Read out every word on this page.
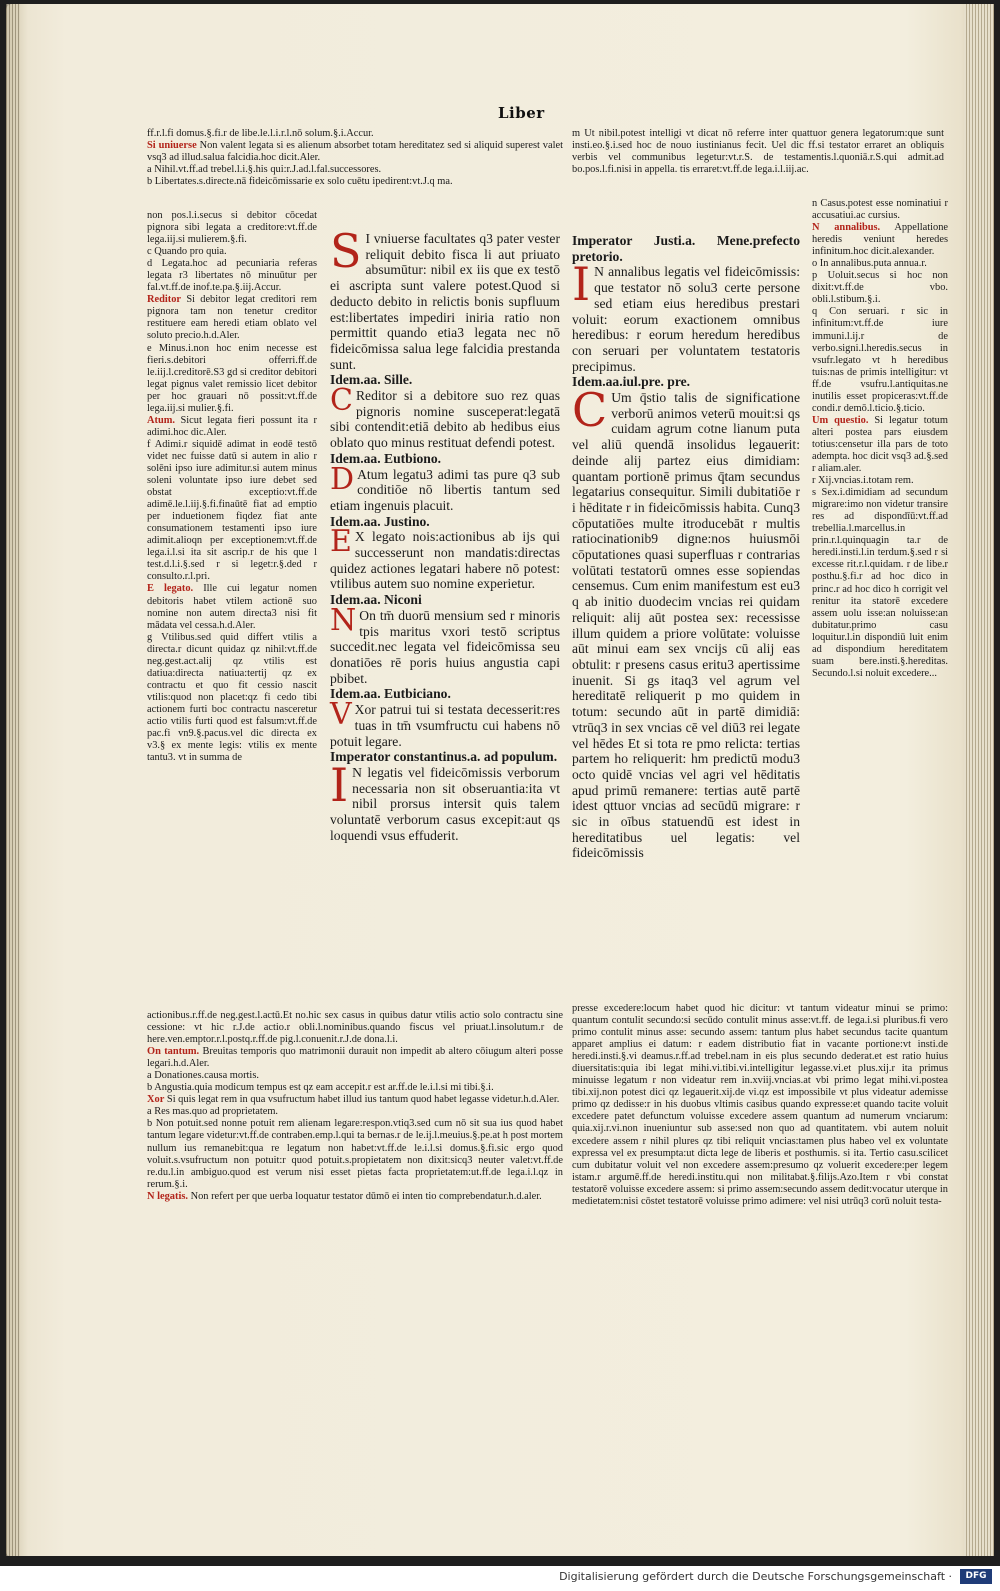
Liber

ff.r.l.fi domus.§.fi.r de libe.le.l.i.r.l.nō solum.§.i.Accur.

Si uniuerse Non valent legata si es alienum absorbet totam hereditatez sed si aliquid superest valet vsq3 ad illud.salua falcidia.hoc dicit.Aler.

a Nihil.vt.ff.ad trebel.l.i.§.his qui:r.J.ad.l.fal.successores.

b Libertates.s.directe.nā fideicōmissarie ex solo cuētu ipedirent:vt.J.q ma.

non pos.l.i.secus si debitor cōcedat pignora sibi legata a creditore:vt.ff.de lega.iij.si mulierem.§.fi.

c Quando pro quia.

d Legata.hoc ad pecuniaria referas legata r3 libertates nō minuūtur per fal.vt.ff.de inof.te.pa.§.iij.Accur.

Reditor Si debitor legat creditori rem pignora tam non tenetur creditor restituere eam heredi etiam oblato vel soluto precio.h.d.Aler.

e Minus.i.non hoc enim necesse est fieri.s.debitori offerri.ff.de le.iij.l.creditorē.S3 gd si creditor debitori legat pignus valet remissio licet debitor per hoc grauari nō possit:vt.ff.de lega.iij.si mulier.§.fi.

Atum. Sicut legata fieri possunt ita r adimi.hoc dic.Aler.

f Adimi.r siquidē adimat in eodē testō videt nec fuisse datū si autem in alio r solēni ipso iure adimitur.si autem minus soleni voluntate ipso iure debet sed obstat exceptio:vt.ff.de adimē.le.l.iij.§.fi.finaūtē fiat ad emptio per induetionem fiqdez fiat ante consumationem testamenti ipso iure adimit.alioqn per exceptionem:vt.ff.de lega.i.l.si ita sit ascrip.r de his que l test.d.l.i.§.sed r si leget:r.§.ded r consulto.r.l.pri.

E legato. Ille cui legatur nomen debitoris habet vtilem actionē suo nomine non autem directa3 nisi fit mādata vel cessa.h.d.Aler.

g Vtilibus.sed quid differt vtilis a directa.r dicunt quidaz qz nihil:vt.ff.de neg.gest.act.alij qz vtilis est datiua:directa natiua:tertij qz ex contractu et quo fit cessio nascit vtilis:quod non placet:qz fi cedo tibi actionem furti boc contractu nasceretur actio vtilis furti quod est falsum:vt.ff.de pac.fi vn9.§.pacus.vel dic directa ex v3.§ ex mente legis: vtilis ex mente tantu3. vt in summa de

S I vniuerse facultates q3 pater vester reliquit debito fisca li aut priuato absumūtur: nibil ex iis que ex testō ei ascripta sunt valere potest.Quod si deducto debito in relictis bonis supfluum est:libertates impediri iniria ratio non permittit quando etia3 legata nec nō fideicōmissa salua lege falcidia prestanda sunt.

Idem.aa. Sille.

C Reditor si a debitore suo rez quas pignoris nomine susceperat:legatā sibi contendit:etiā debito ab hedibus eius oblato quo minus restituat defendi potest.

Idem.aa. Eutbiono.

D Atum legatu3 adimi tas pure q3 sub conditiōe nō libertis tantum sed etiam ingenuis placuit.

Idem.aa. Justino.

E X legato nois:actionibus ab ijs qui successerunt non mandatis:directas quidez actiones legatari habere nō potest: vtilibus autem suo nomine experietur.

Idem.aa. Niconi

N On tm̄ duorū mensium sed r minoris tpis maritus vxori testō scriptus succedit.nec legata vel fideicōmissa seu donatiōes rē poris huius angustia capi pbibet.

Idem.aa. Eutbiciano.

V Xor patrui tui si testata decesserit:res tuas in tm̄ vsumfructu cui habens nō potuit legare.

Imperator constantinus.a. ad populum.

I N legatis vel fideicōmissis verborum necessaria non sit obseruantia:ita vt nibil prorsus intersit quis talem voluntatē verborum casus excepit:aut qs loquendi vsus effuderit.

actionibus.r.ff.de neg.gest.l.actū.Et no.hic sex casus in quibus datur vtilis actio solo contractu sine cessione: vt hic r.J.de actio.r obli.l.nominibus.quando fiscus vel priuat.l.insolutum.r de here.ven.emptor.r.l.postq.r.ff.de pig.l.conuenit.r.J.de dona.l.i.

On tantum. Breuitas temporis quo matrimonii durauit non impedit ab altero cōiugum alteri posse legari.h.d.Aler.

a Donationes.causa mortis.

b Angustia.quia modicum tempus est qz eam accepit.r est ar.ff.de le.i.l.si mi tibi.§.i.

Xor Si quis legat rem in qua vsufructum habet illud ius tantum quod habet legasse videtur.h.d.Aler.

a Res mas.quo ad proprietatem.

b Non potuit.sed nonne potuit rem alienam legare:respon.vtiq3.sed cum nō sit sua ius quod habet tantum legare videtur:vt.ff.de contraben.emp.l.qui ta bernas.r de le.ij.l.meuius.§.pe.at h post mortem nullum ius remanebit:qua re legatum non habet:vt.ff.de le.i.l.si domus.§.fi.sic ergo quod voluit.s.vsufructum non potuit:r quod potuit.s.propietatem non dixit:sicq3 neuter valet:vt.ff.de re.du.l.in ambiguo.quod est verum nisi esset pietas facta proprietatem:ut.ff.de lega.i.l.qz in rerum.§.i.

N legatis. Non refert per que uerba loquatur testator dūmō ei inten tio comprebendatur.h.d.aler.

m Ut nibil.potest intelligi vt dicat nō referre inter quattuor genera legatorum:que sunt insti.eo.§.i.sed hoc de nouo iustinianus fecit. Uel dic ff.si testator erraret an obliquis verbis vel communibus legetur:vt.r.S. de testamentis.l.quoniā.r.S.qui admit.ad bo.pos.l.fi.nisi in appella. tis erraret:vt.ff.de lega.i.l.iij.ac.

Imperator Justi.a. Mene.prefecto pretorio.

I N annalibus legatis vel fideicōmissis: que testator nō solu3 certe persone sed etiam eius heredibus prestari voluit: eorum exactionem omnibus heredibus: r eorum heredum heredibus con seruari per voluntatem testatoris precipimus.

Idem.aa.iul.pre. pre.

C Um q̄stio talis de significatione verborū animos veterū mouit:si qs cuidam agrum cotne lianum puta vel aliū quendā insolidus legauerit: deinde alij partez eius dimidiam: quantam portionē primus q̄tam secundus legatarius consequitur. Simili dubitatiōe r i hēditate r in fideicōmissis habita. Cunq3 cōputatiōes multe itroducebāt r multis ratiocinationib9 digne:nos huiusmōi cōputationes quasi superfluas r contrarias volūtati testatorū omnes esse sopiendas censemus. Cum enim manifestum est eu3 q ab initio duodecim vncias rei quidam reliquit: alij aūt postea sex: recessisse illum quidem a priore volūtate: voluisse aūt minui eam sex vncijs cū alij eas obtulit: r presens casus eritu3 apertissime inuenit. Si gs itaq3 vel agrum vel hereditatē reliquerit p mo quidem in totum: secundo aūt in partē dimidiā: vtrūq3 in sex vncias cē vel diū3 rei legate vel hēdes Et si tota re pmo relicta: tertias partem ho reliquerit: hm predictū modu3 octo quidē vncias vel agri vel hēditatis apud primū remanere: tertias autē partē idest qttuor vncias ad secūdū migrare: r sic in oībus statuendū est idest in hereditatibus uel legatis: vel fideicōmissis

n Casus.potest esse nominatiui r accusatiui.ac cursius.

N annalibus. Appellatione heredis veniunt heredes infinitum.hoc dicit.alexander.

o In annalibus.puta annua.r.

p Uoluit.secus si hoc non dixit:vt.ff.de vbo. obli.l.stibum.§.i.

q Con seruari. r sic in infinitum:vt.ff.de iure immuni.l.ij.r de verbo.signi.l.heredis.secus in vsufr.legato vt h heredibus tuis:nas de primis intelligitur: vt ff.de vsufru.l.antiquitas.ne inutilis esset propiceras:vt.ff.de condi.r demō.l.ticio.§.ticio.

Um questio. Si legatur totum alteri postea pars eiusdem totius:censetur illa pars de toto adempta. hoc dicit vsq3 ad.§.sed r aliam.aler.

r Xij.vncias.i.totam rem.

s Sex.i.dimidiam ad secundum migrare:imo non videtur transire res ad dispondīū:vt.ff.ad trebellia.l.marcellus.in prin.r.l.quinquagin ta.r de heredi.insti.l.in terdum.§.sed r si excesse rit.r.l.quidam. r de libe.r posthu.§.fi.r ad hoc dico in princ.r ad hoc dico h corrigit vel renitur ita statorē excedere assem uolu isse:an noluisse:an dubitatur.primo casu loquitur.l.in dispondiū luit enim ad dispondium hereditatem suam bere.insti.§.hereditas. Secundo.l.si noluit excedere...

presse excedere:locum habet quod hic dicitur: vt tantum videatur minui se primo: quantum contulit secundo:si secūdo contulit minus asse:vt.ff. de lega.i.si pluribus.fi vero primo contulit minus asse: secundo assem: tantum plus habet secundus tacite quantum apparet amplius ei datum: r eadem distributio fiat in vacante portione:vt insti.de heredi.insti.§.vi deamus.r.ff.ad trebel.nam in eis plus secundo dederat.et est ratio huius diuersitatis:quia ibi legat mihi.vi.tibi.vi.intelligitur legasse.vi.et plus.xij.r ita primus minuisse legatum r non videatur rem in.xviij.vncias.at vbi primo legat mihi.vi.postea tibi.xij.non potest dici qz legauerit.xij.de vi.qz est impossibile vt plus videatur ademisse primo qz dedisse:r in his duobus vltimis casibus quando expresse:et quando tacite voluit excedere patet defunctum voluisse excedere assem quantum ad numerum vnciarum: quia.xij.r.vi.non inueniuntur sub asse:sed non quo ad quantitatem. vbi autem noluit excedere assem r nihil plures qz tibi reliquit vncias:tamen plus habeo vel ex voluntate expressa vel ex presumpta:ut dicta lege de liberis et posthumis. si ita. Tertio casu.scilicet cum dubitatur voluit vel non excedere assem:presumo qz voluerit excedere:per legem istam.r argumē.ff.de heredi.institu.qui non militabat.§.filijs.Azo.Item r vbi constat testatorē voluisse excedere assem: si primo assem:secundo assem dedit:vocatur uterque in medietatem:nisi cōstet testatorē voluisse primo adimere: vel nisi utrūq3 corū noluit testa-

Digitalisierung gefördert durch die Deutsche Forschungsgemeinschaft ·	DFG
